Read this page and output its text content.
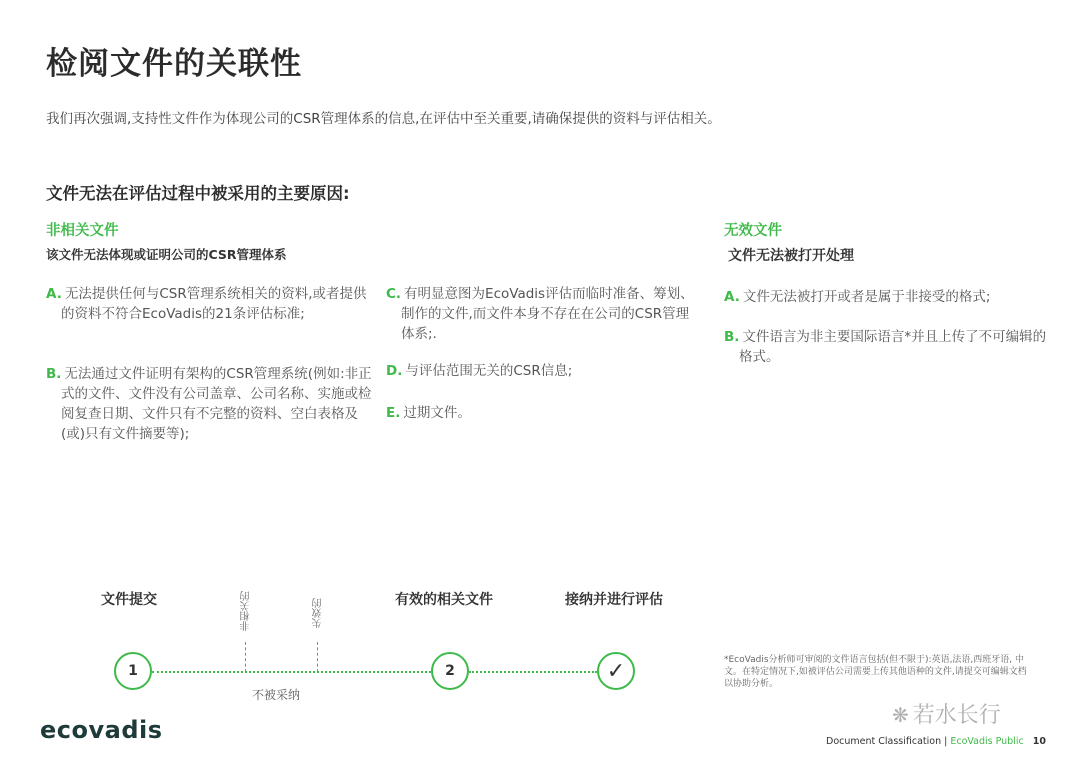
检阅文件的关联性
我们再次强调,支持性文件作为体现公司的CSR管理体系的信息,在评估中至关重要,请确保提供的资料与评估相关。
文件无法在评估过程中被采用的主要原因:
非相关文件
该文件无法体现或证明公司的CSR管理体系
A. 无法提供任何与CSR管理系统相关的资料,或者提供的资料不符合EcoVadis的21条评估标准;
B. 无法通过文件证明有架构的CSR管理系统(例如:非正式的文件、文件没有公司盖章、公司名称、实施或检阅复查日期、文件只有不完整的资料、空白表格及(或)只有文件摘要等);
C. 有明显意图为EcoVadis评估而临时准备、筹划、制作的文件,而文件本身不存在在公司的CSR管理体系;.
D. 与评估范围无关的CSR信息;
E. 过期文件。
无效文件
文件无法被打开处理
A. 文件无法被打开或者是属于非接受的格式;
B. 文件语言为非主要国际语言*并且上传了不可编辑的格式。
文件提交	有效的相关文件	接纳并进行评估
非相关的	失效的
1	2	✓
不被采纳
*EcoVadis分析师可审阅的文件语言包括(但不限于):英语,法语,西班牙语, 中文。在特定情况下,如被评估公司需要上传其他语种的文件,请提交可编辑文档以协助分析。
ecovadis
❋ 若水长行
Document Classification | EcoVadis Public 10
